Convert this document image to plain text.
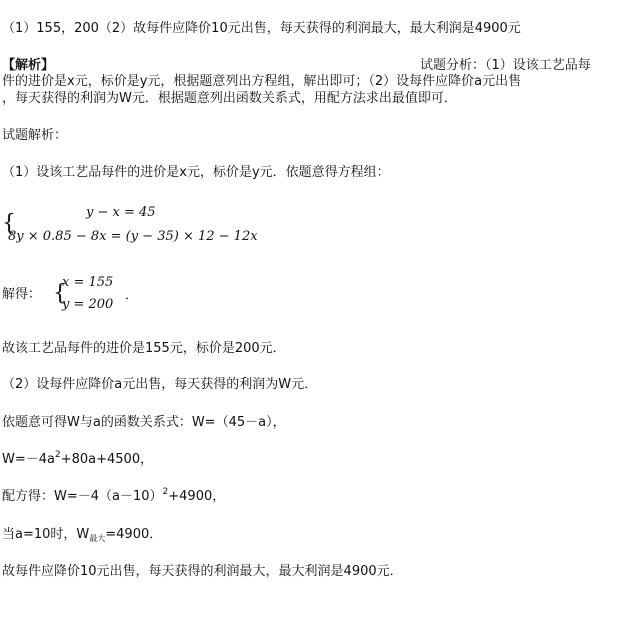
（1）155，200（2）故每件应降价10元出售，每天获得的利润最大，最大利润是4900元
【解析】	试题分析：（1）设该工艺品每
件的进价是x元，标价是y元，根据题意列出方程组，解出即可；（2）设每件应降价a元出售
，每天获得的利润为W元．根据题意列出函数关系式，用配方法求出最值即可．
试题解析：
（1）设该工艺品每件的进价是x元，标价是y元．依题意得方程组：
{	y − x = 45
8y × 0.85 − 8x = (y − 35) × 12 − 12x
解得： {
x = 155
y = 200
．
故该工艺品每件的进价是155元，标价是200元．
（2）设每件应降价a元出售，每天获得的利润为W元．
依题意可得W与a的函数关系式：W=（45－a），
$W=-4a^2+80a+4500$，
配方得：$W=-4(a-10)^2+4900$，
当a=10时，$W_{最大}=4900$．
故每件应降价10元出售，每天获得的利润最大，最大利润是4900元．
